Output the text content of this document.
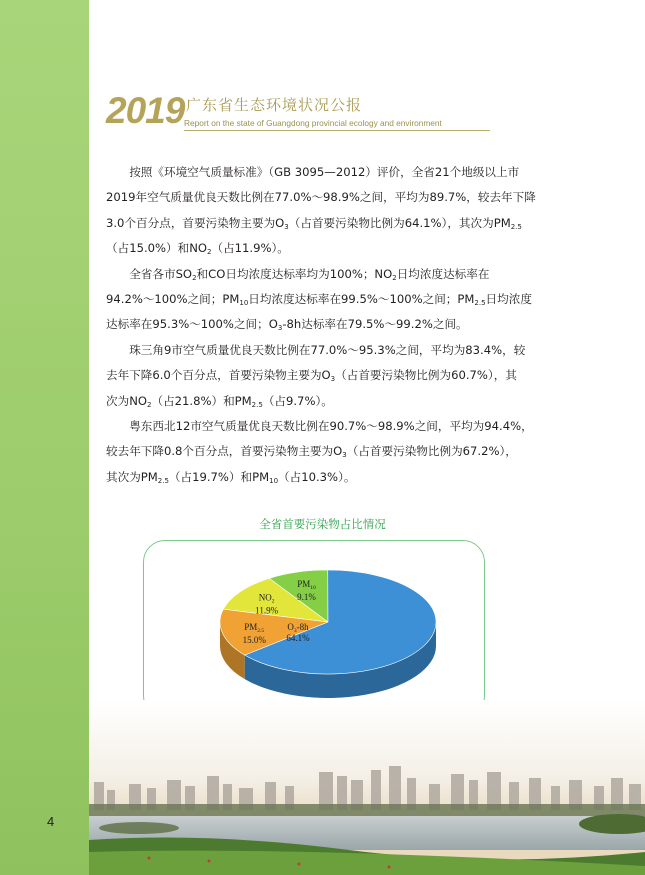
4
2019 广东省生态环境状况公报
Report on the state of Guangdong provincial ecology and environment

按照《环境空气质量标准》（GB 3095—2012）评价，全省21个地级以上市

2019年空气质量优良天数比例在77.0%～98.9%之间，平均为89.7%，较去年下降

3.0个百分点，首要污染物主要为$O_3$（占首要污染物比例为64.1%），其次为$PM_{2.5}$

（占15.0%）和$NO_2$（占11.9%）。

全省各市$SO_2$和CO日均浓度达标率均为100%；$NO_2$日均浓度达标率在

94.2%～100%之间；$PM_{10}$日均浓度达标率在99.5%～100%之间；$PM_{2.5}$日均浓度

达标率在95.3%～100%之间；$O_3-8h$达标率在79.5%～99.2%之间。

珠三角9市空气质量优良天数比例在77.0%～95.3%之间，平均为83.4%，较

去年下降6.0个百分点，首要污染物主要为$O_3$（占首要污染物比例为60.7%），其

次为$NO_2$（占21.8%）和$PM_{2.5}$（占9.7%）。

粤东西北12市空气质量优良天数比例在90.7%～98.9%之间，平均为94.4%，

较去年下降0.8个百分点，首要污染物主要为$O_3$（占首要污染物比例为67.2%），

其次为$PM_{2.5}$（占19.7%）和$PM_{10}$（占10.3%）。

全省首要污染物占比情况
$PM_{2.5}$ 15.0%
$NO_2$ 11.9%
$PM_{10}$ 9.1%
$O_3-8h$ 64.1%
